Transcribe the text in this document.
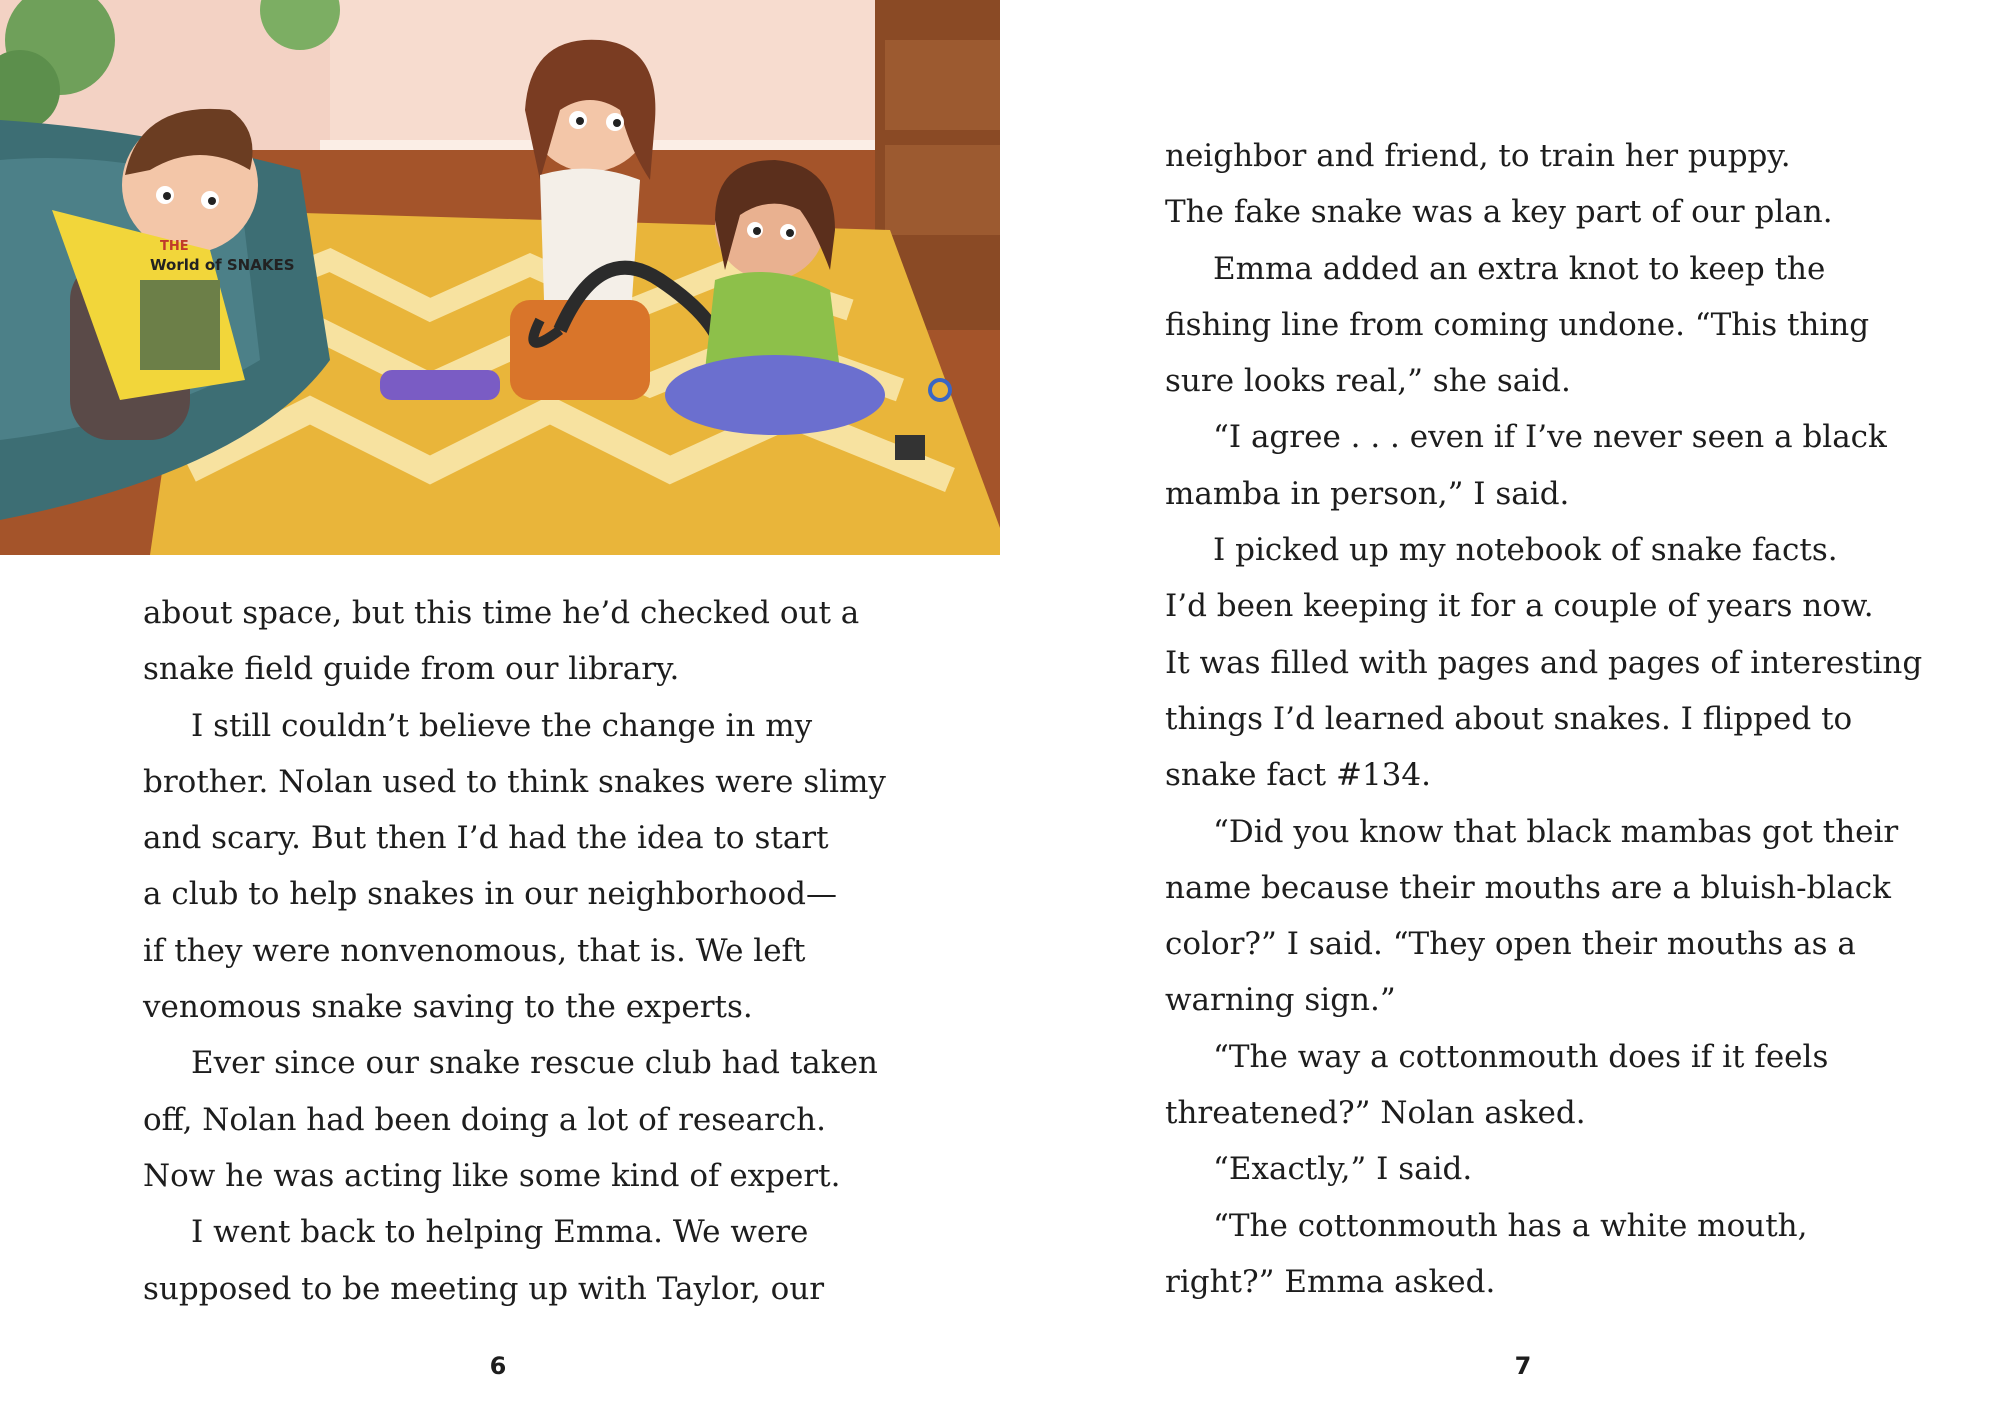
THE
World of SNAKES
about space, but this time he’d checked out a
snake field guide from our library.
I still couldn’t believe the change in my
brother. Nolan used to think snakes were slimy
and scary. But then I’d had the idea to start
a club to help snakes in our neighborhood—
if they were nonvenomous, that is. We left
venomous snake saving to the experts.
Ever since our snake rescue club had taken
off, Nolan had been doing a lot of research.
Now he was acting like some kind of expert.
I went back to helping Emma. We were
supposed to be meeting up with Taylor, our
6
neighbor and friend, to train her puppy.
The fake snake was a key part of our plan.
Emma added an extra knot to keep the
fishing line from coming undone. “This thing
sure looks real,” she said.
“I agree . . . even if I’ve never seen a black
mamba in person,” I said.
I picked up my notebook of snake facts.
I’d been keeping it for a couple of years now.
It was filled with pages and pages of interesting
things I’d learned about snakes. I flipped to
snake fact #134.
“Did you know that black mambas got their
name because their mouths are a bluish-black
color?” I said. “They open their mouths as a
warning sign.”
“The way a cottonmouth does if it feels
threatened?” Nolan asked.
“Exactly,” I said.
“The cottonmouth has a white mouth,
right?” Emma asked.
7
